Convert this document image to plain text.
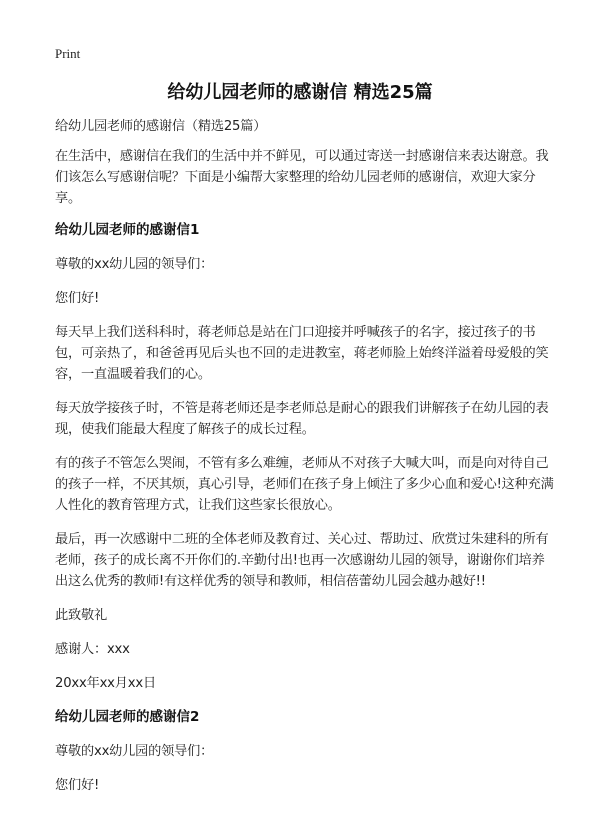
Print
给幼儿园老师的感谢信 精选25篇

给幼儿园老师的感谢信（精选25篇）

在生活中，感谢信在我们的生活中并不鲜见，可以通过寄送一封感谢信来表达谢意。我们该怎么写感谢信呢？下面是小编帮大家整理的给幼儿园老师的感谢信，欢迎大家分享。

给幼儿园老师的感谢信1

尊敬的xx幼儿园的领导们：

您们好!

每天早上我们送科科时，蒋老师总是站在门口迎接并呼喊孩子的名字，接过孩子的书包，可亲热了，和爸爸再见后头也不回的走进教室，蒋老师脸上始终洋溢着母爱般的笑容，一直温暖着我们的心。

每天放学接孩子时，不管是蒋老师还是李老师总是耐心的跟我们讲解孩子在幼儿园的表现，使我们能最大程度了解孩子的成长过程。

有的孩子不管怎么哭闹，不管有多么难缠，老师从不对孩子大喊大叫，而是向对待自己的孩子一样，不厌其烦，真心引导，老师们在孩子身上倾注了多少心血和爱心!这种充满人性化的教育管理方式，让我们这些家长很放心。

最后，再一次感谢中二班的全体老师及教育过、关心过、帮助过、欣赏过朱建科的所有老师，孩子的成长离不开你们的.辛勤付出!也再一次感谢幼儿园的领导，谢谢你们培养出这么优秀的教师!有这样优秀的领导和教师，相信蓓蕾幼儿园会越办越好!!

此致敬礼

感谢人：xxx

20xx年xx月xx日

给幼儿园老师的感谢信2

尊敬的xx幼儿园的领导们：

您们好!
